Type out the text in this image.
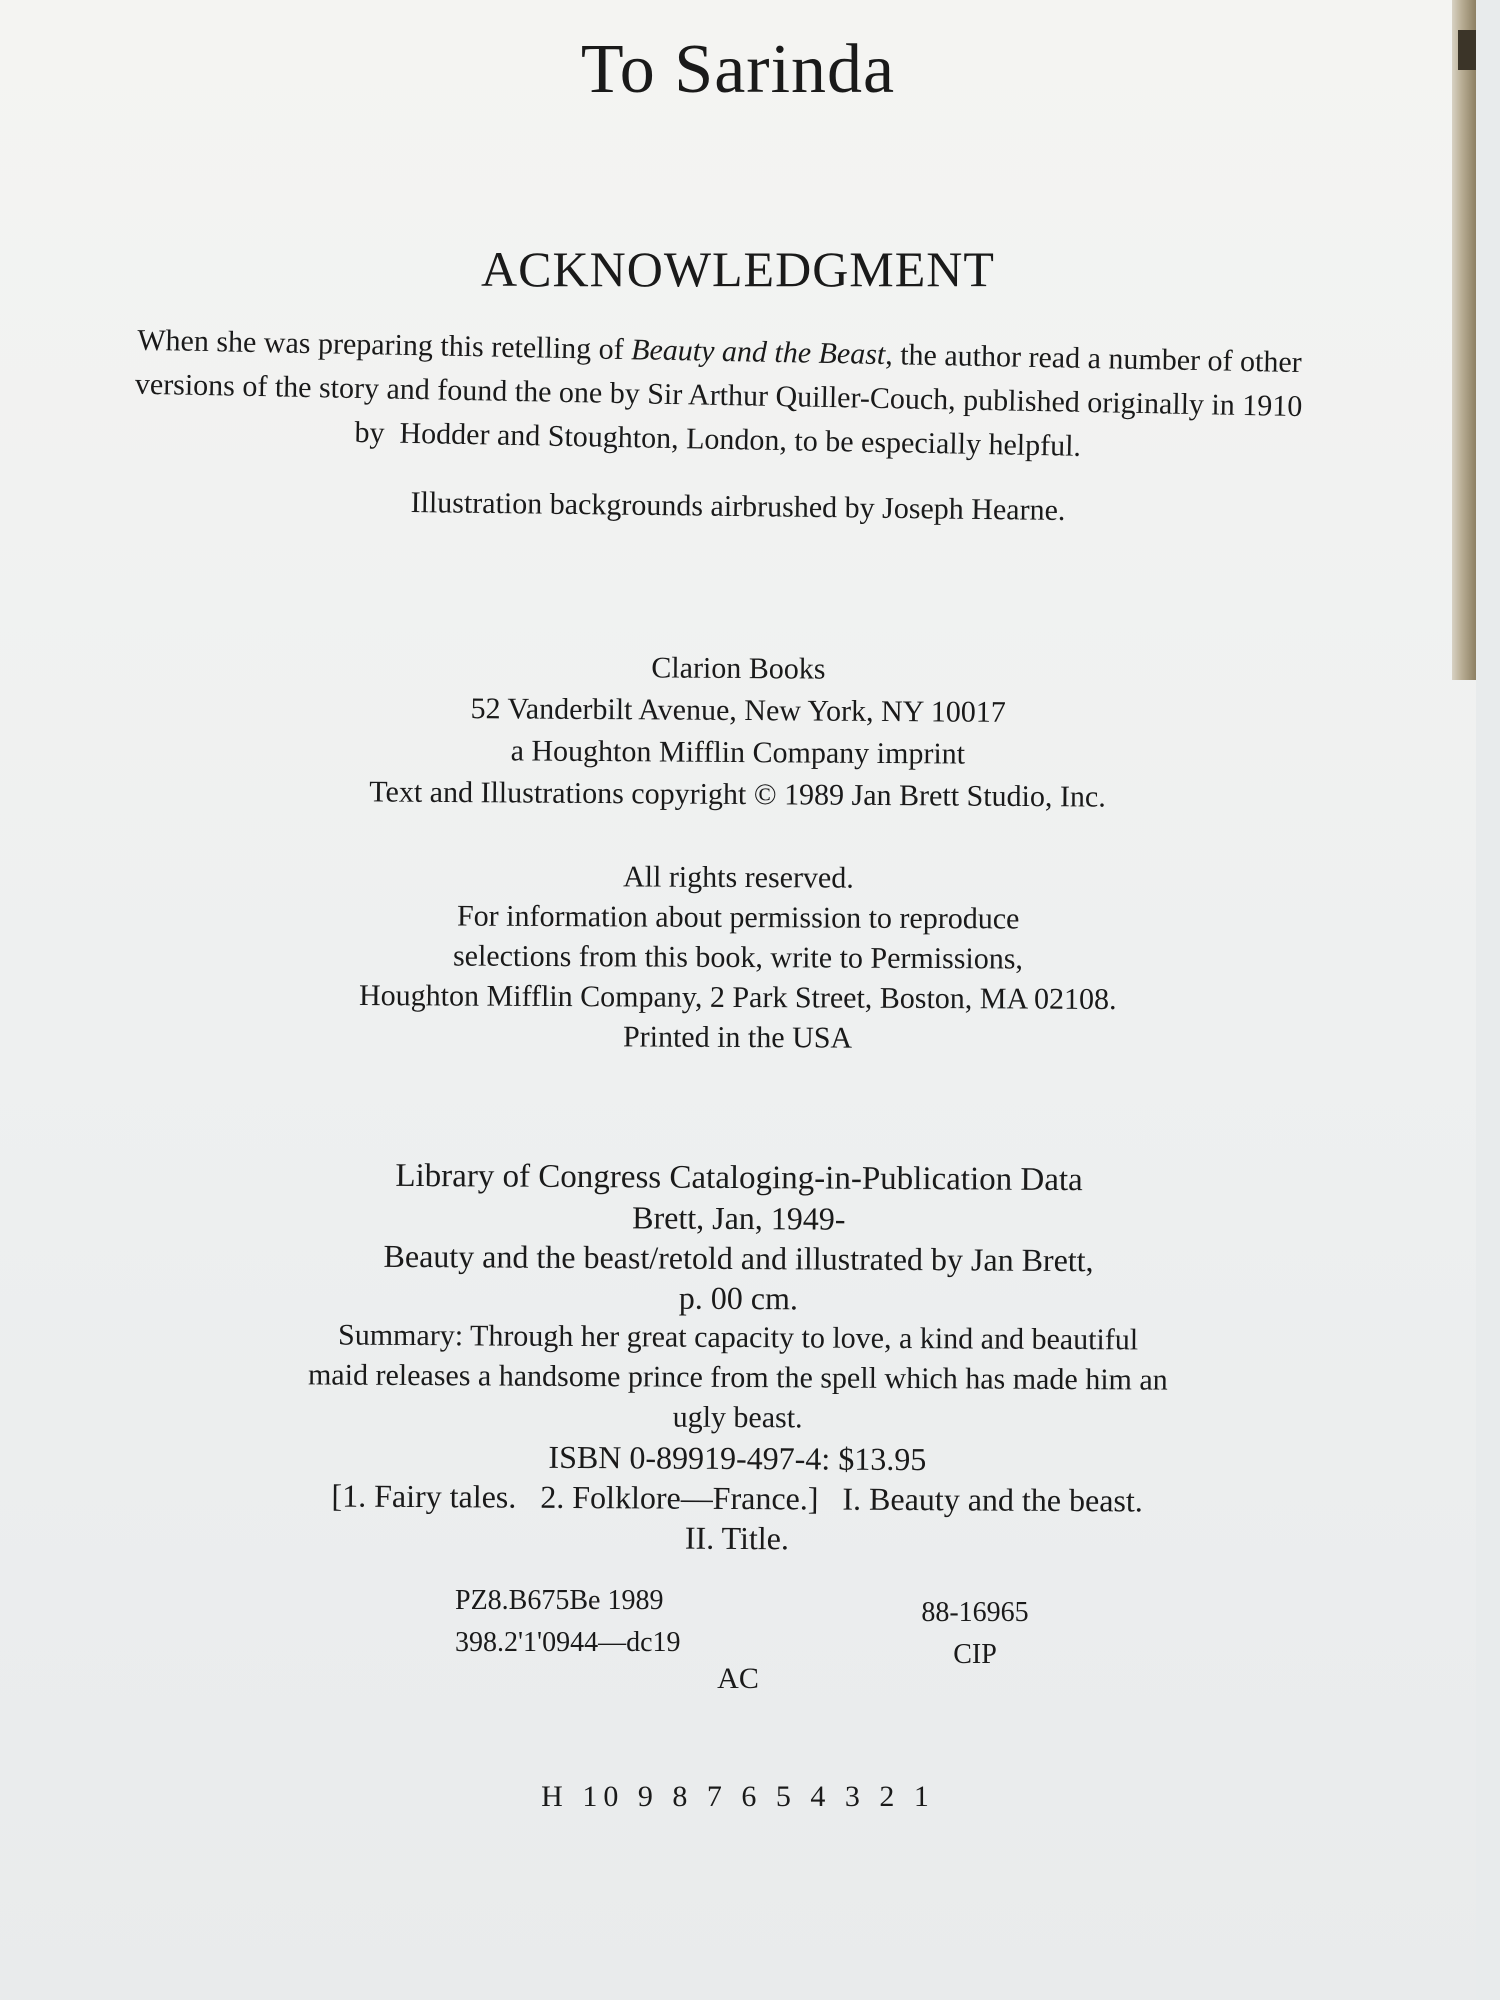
To Sarinda
ACKNOWLEDGMENT
When she was preparing this retelling of Beauty and the Beast, the author read a number of other
versions of the story and found the one by Sir Arthur Quiller-Couch, published originally in 1910
by  Hodder and Stoughton, London, to be especially helpful.
Illustration backgrounds airbrushed by Joseph Hearne.
Clarion Books
52 Vanderbilt Avenue, New York, NY 10017
a Houghton Mifflin Company imprint
Text and Illustrations copyright © 1989 Jan Brett Studio, Inc.
All rights reserved.
For information about permission to reproduce
selections from this book, write to Permissions,
Houghton Mifflin Company, 2 Park Street, Boston, MA 02108.
Printed in the USA
Library of Congress Cataloging-in-Publication Data
Brett, Jan, 1949-
Beauty and the beast/retold and illustrated by Jan Brett,
p. 00 cm.
Summary: Through her great capacity to love, a kind and beautiful
maid releases a handsome prince from the spell which has made him an
ugly beast.
ISBN 0-89919-497-4: $13.95
[1. Fairy tales.   2. Folklore—France.]   I. Beauty and the beast.
II. Title.
PZ8.B675Be 1989
398.2'1'0944—dc19
88-16965
CIP
AC
H 10 9 8 7 6 5 4 3 2 1
